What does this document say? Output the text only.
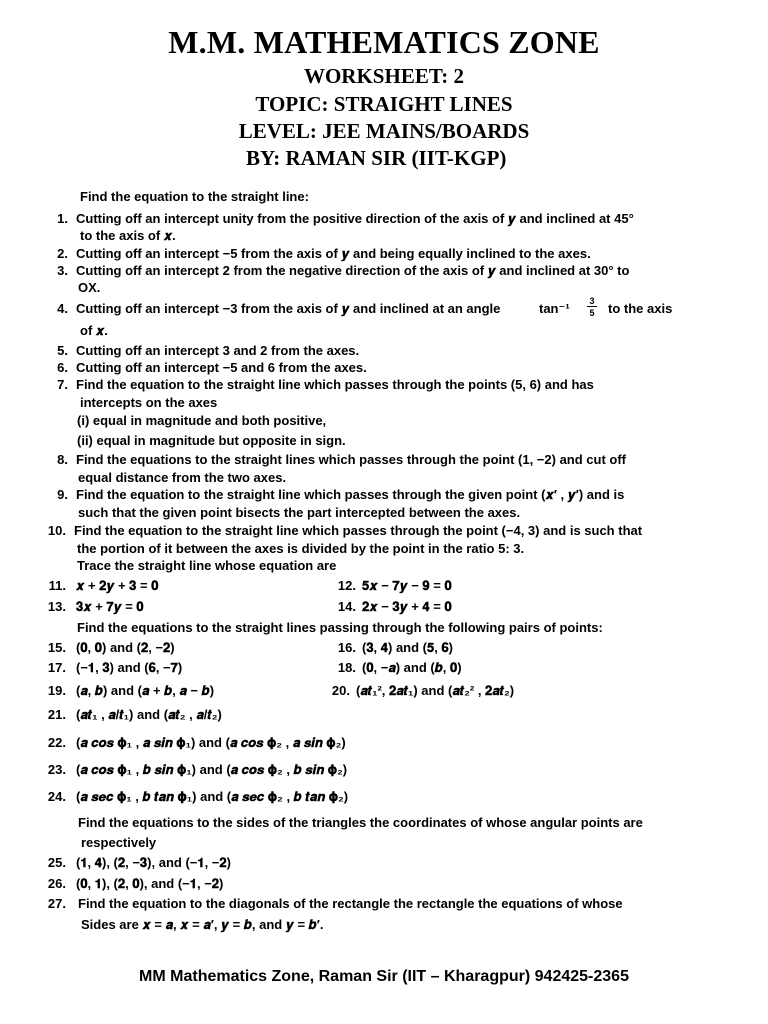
M.M. MATHEMATICS ZONE
WORKSHEET: 2
TOPIC: STRAIGHT LINES
LEVEL: JEE MAINS/BOARDS
BY: RAMAN SIR (IIT-KGP)
Find the equation to the straight line:
1. Cutting off an intercept unity from the positive direction of the axis of 𝒚 and inclined at 45°
to the axis of 𝒙.
2. Cutting off an intercept −5 from the axis of 𝒚 and being equally inclined to the axes.
3. Cutting off an intercept 2 from the negative direction of the axis of 𝒚 and inclined at 30° to
OX.
4. Cutting off an intercept −3 from the axis of 𝒚 and inclined at an angle	tan⁻¹ 3
5 to the axis
of 𝒙.
5. Cutting off an intercept 3 and 2 from the axes.
6. Cutting off an intercept −5 and 6 from the axes.
7. Find the equation to the straight line which passes through the points (5, 6) and has
intercepts on the axes
(i) equal in magnitude and both positive,
(ii) equal in magnitude but opposite in sign.
8. Find the equations to the straight lines which passes through the point (1, −2) and cut off
equal distance from the two axes.
9. Find the equation to the straight line which passes through the given point (𝒙′ , 𝒚′) and is
such that the given point bisects the part intercepted between the axes.
10. Find the equation to the straight line which passes through the point (−4, 3) and is such that
the portion of it between the axes is divided by the point in the ratio 5: 3.
Trace the straight line whose equation are
11. 𝒙 + 𝟐𝒚 + 𝟑 = 𝟎	12. 𝟓𝒙 − 𝟕𝒚 − 𝟗 = 𝟎
13. 𝟑𝒙 + 𝟕𝒚 = 𝟎	14. 𝟐𝒙 − 𝟑𝒚 + 𝟒 = 𝟎
Find the equations to the straight lines passing through the following pairs of points:
15. (𝟎, 𝟎) and (𝟐, −𝟐)	16. (𝟑, 𝟒) and (𝟓, 𝟔)
17. (−𝟏, 𝟑) and (𝟔, −𝟕)	18. (𝟎, −𝒂) and (𝒃, 𝟎)
19. (𝒂, 𝒃) and (𝒂 + 𝒃, 𝒂 − 𝒃)	20. (𝒂𝒕₁², 𝟐𝒂𝒕₁) and (𝒂𝒕₂² , 𝟐𝒂𝒕₂)
21. (𝒂𝒕₁ , 𝒂/𝒕₁) and (𝒂𝒕₂ , 𝒂/𝒕₂)
22. (𝒂 𝒄𝒐𝒔 𝛟₁ , 𝒂 𝒔𝒊𝒏 𝛟₁) and (𝒂 𝒄𝒐𝒔 𝛟₂ , 𝒂 𝒔𝒊𝒏 𝛟₂)
23. (𝒂 𝒄𝒐𝒔 𝛟₁ , 𝒃 𝒔𝒊𝒏 𝛟₁) and (𝒂 𝒄𝒐𝒔 𝛟₂ , 𝒃 𝒔𝒊𝒏 𝛟₂)
24. (𝒂 𝒔𝒆𝒄 𝛟₁ , 𝒃 𝒕𝒂𝒏 𝛟₁) and (𝒂 𝒔𝒆𝒄 𝛟₂ , 𝒃 𝒕𝒂𝒏 𝛟₂)
Find the equations to the sides of the triangles the coordinates of whose angular points are
respectively
25. (𝟏, 𝟒), (𝟐, −𝟑), and (−𝟏, −𝟐)
26. (𝟎, 𝟏), (𝟐, 𝟎), and (−𝟏, −𝟐)
27. Find the equation to the diagonals of the rectangle the rectangle the equations of whose
Sides are 𝒙 = 𝒂, 𝒙 = 𝒂′, 𝒚 = 𝒃, and 𝒚 = 𝒃′.
MM Mathematics Zone, Raman Sir (IIT – Kharagpur) 942425-2365
